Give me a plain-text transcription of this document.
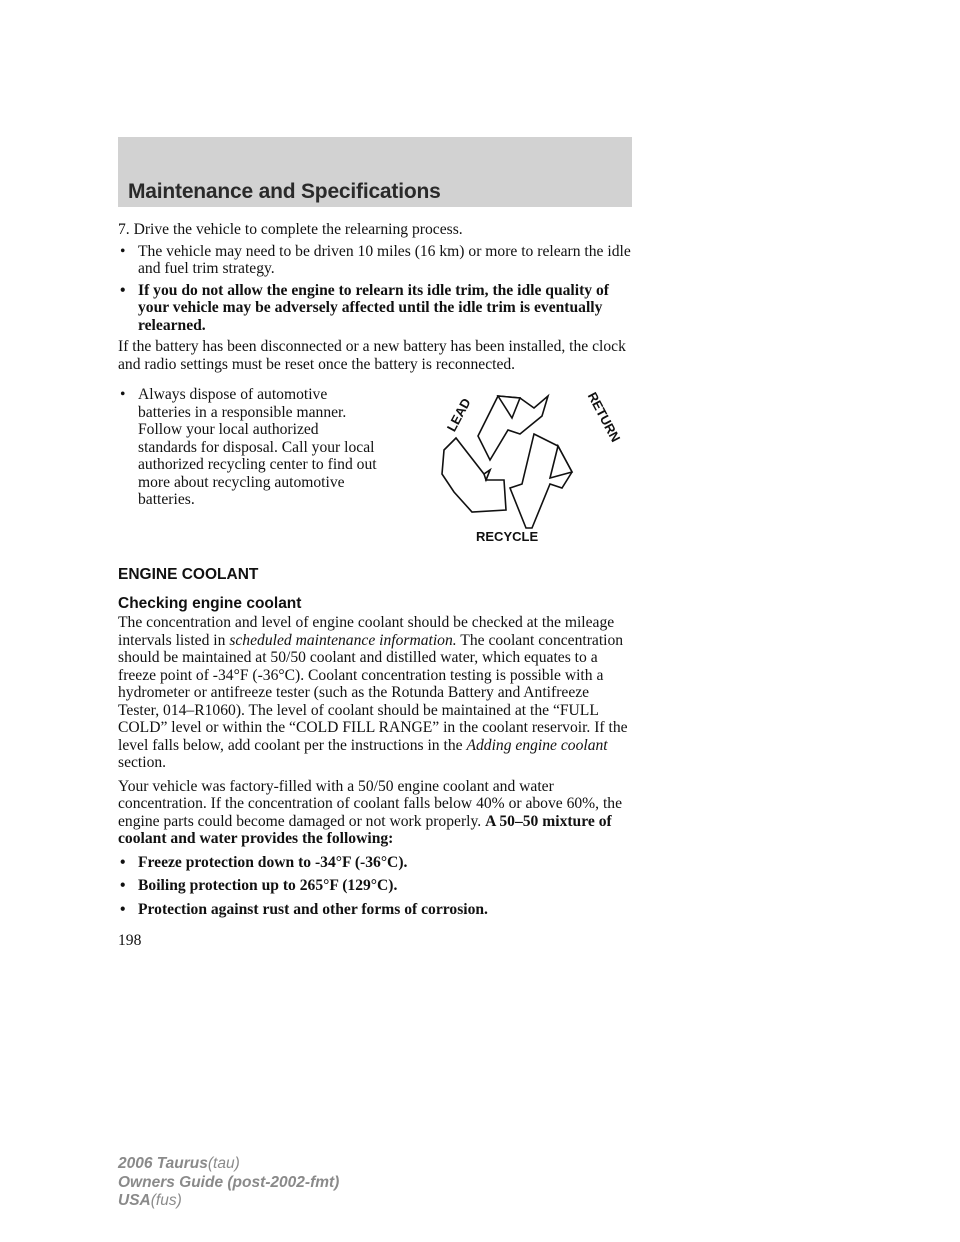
Maintenance and Specifications

7. Drive the vehicle to complete the relearning process.

• The vehicle may need to be driven 10 miles (16 km) or more to relearn the idle and fuel trim strategy.

• If you do not allow the engine to relearn its idle trim, the idle quality of your vehicle may be adversely affected until the idle trim is eventually relearned.

If the battery has been disconnected or a new battery has been installed, the clock and radio settings must be reset once the battery is reconnected.

• Always dispose of automotive batteries in a responsible manner. Follow your local authorized standards for disposal. Call your local authorized recycling center to find out more about recycling automotive batteries.

LEAD	RETURN
RECYCLE
ENGINE COOLANT
Checking engine coolant

The concentration and level of engine coolant should be checked at the mileage intervals listed in scheduled maintenance information. The coolant concentration should be maintained at 50/50 coolant and distilled water, which equates to a freeze point of -34°F (-36°C). Coolant concentration testing is possible with a hydrometer or antifreeze tester (such as the Rotunda Battery and Antifreeze Tester, 014–R1060). The level of coolant should be maintained at the “FULL COLD” level or within the “COLD FILL RANGE” in the coolant reservoir. If the level falls below, add coolant per the instructions in the Adding engine coolant section.

Your vehicle was factory-filled with a 50/50 engine coolant and water concentration. If the concentration of coolant falls below 40% or above 60%, the engine parts could become damaged or not work properly. A 50–50 mixture of coolant and water provides the following:

• Freeze protection down to -34°F (-36°C).

• Boiling protection up to 265°F (129°C).

• Protection against rust and other forms of corrosion.

198
2006 Taurus(tau)
Owners Guide (post-2002-fmt)
USA(fus)
